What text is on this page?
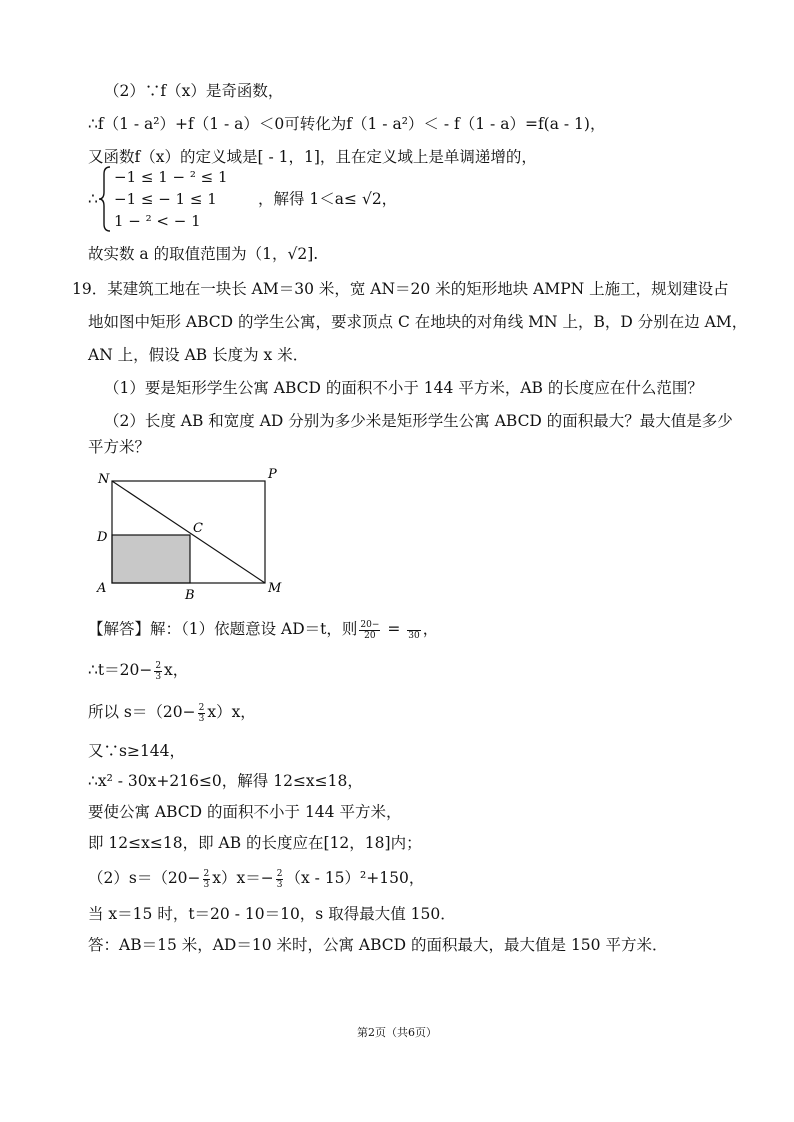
（2）∵f（x）是奇函数，
∴f（1 - a²）+f（1 - a）＜0可转化为f（1 - a²）＜ - f（1 - a）=f(a - 1)，
又函数f（x）的定义域是[ - 1，1]，且在定义域上是单调递增的，
∴
−1 ≤ 1 − ² ≤ 1
−1 ≤ − 1 ≤ 1
1 − ² < − 1
，解得 1＜a≤ √2，
故实数 a 的取值范围为（1，√2].
19．某建筑工地在一块长 AM＝30 米，宽 AN＝20 米的矩形地块 AMPN 上施工，规划建设占
地如图中矩形 ABCD 的学生公寓，要求顶点 C 在地块的对角线 MN 上，B，D 分别在边 AM，
AN 上，假设 AB 长度为 x 米．
（1）要是矩形学生公寓 ABCD 的面积不小于 144 平方米，AB 的长度应在什么范围？
（2）长度 AB 和宽度 AD 分别为多少米是矩形学生公寓 ABCD 的面积最大？最大值是多少
平方米？
N	P
D
C
A	B	M
【解答】解：（1）依题意设 AD＝t，则 $\frac{20-}{20}$ =
30 ，
∴t＝20− $\frac{2}{3}$ x，
所以 $s=(20- \frac{2}{3} x)x$，
又∵s≥144，
∴x² - 30x+216≤0，解得 12≤x≤18，
要使公寓 ABCD 的面积不小于 144 平方米，
即 12≤x≤18，即 AB 的长度应在[12，18]内；
$(2)s=(20- \frac{2}{3} x)x=- \frac{2}{3} (x - 15)^2+150$，
当 x＝15 时，t＝20 - 10＝10，s 取得最大值 150．
答：AB＝15 米，AD＝10 米时，公寓 ABCD 的面积最大，最大值是 150 平方米．
第2页（共6页）
